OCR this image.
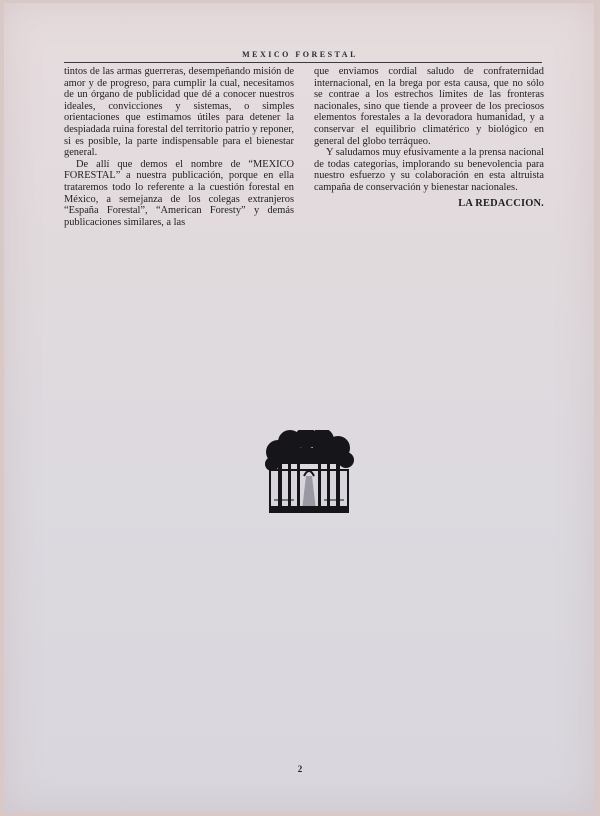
MEXICO FORESTAL

tintos de las armas guerreras, desempeñando misión de amor y de progreso, para cumplir la cual, necesitamos de un órgano de publicidad que dé a conocer nuestros ideales, convicciones y sistemas, o simples orientaciones que estimamos útiles para detener la despiadada ruina forestal del territorio patrio y reponer, si es posible, la parte indispensable para el bienestar general.

De allí que demos el nombre de “MEXICO FORESTAL” a nuestra publicación, porque en ella trataremos todo lo referente a la cuestión forestal en México, a semejanza de los colegas extranjeros “España Forestal”, “American Foresty” y demás publicaciones similares, a las

que enviamos cordial saludo de confraternidad internacional, en la brega por esta causa, que no sólo se contrae a los estrechos límites de las fronteras nacionales, sino que tiende a proveer de los preciosos elementos forestales a la devoradora humanidad, y a conservar el equilibrio climatérico y biológico en general del globo terráqueo.

Y saludamos muy efusivamente a la prensa nacional de todas categorías, implorando su benevolencia para nuestro esfuerzo y su colaboración en esta altruista campaña de conservación y bienestar nacionales.

LA REDACCION.
2
